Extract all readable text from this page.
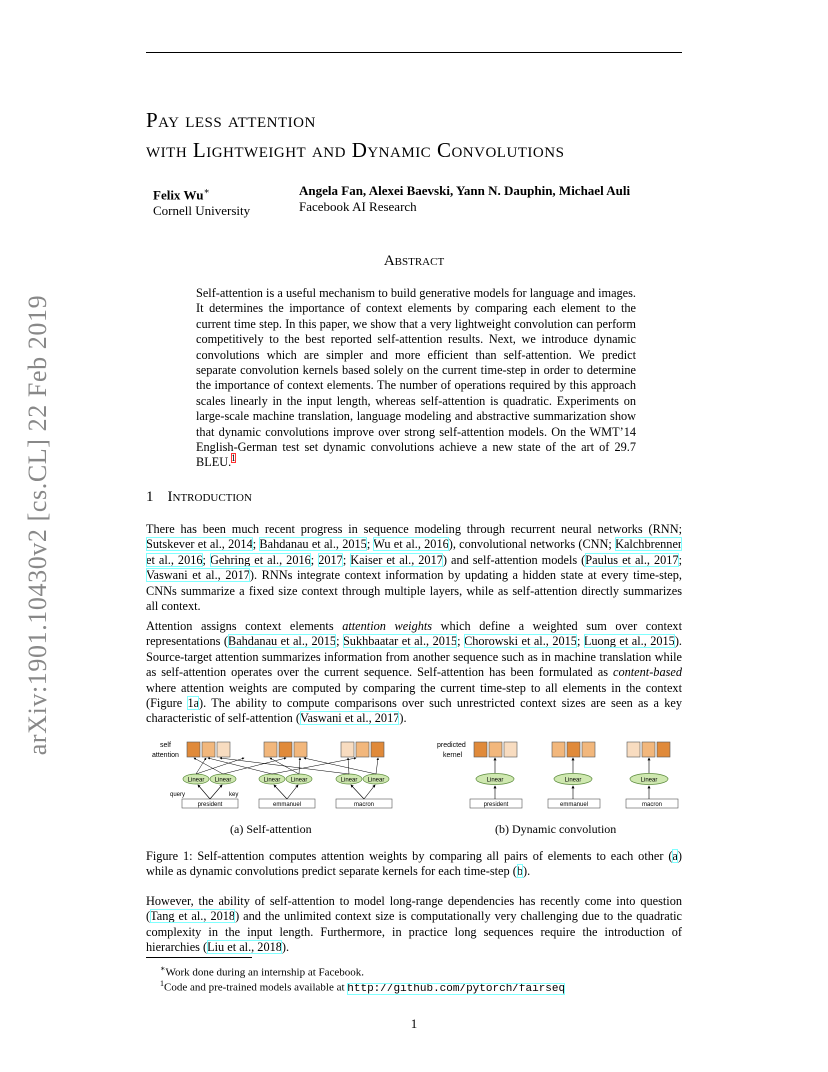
arXiv:1901.10430v2 [cs.CL] 22 Feb 2019
Pay less attention
with Lightweight and Dynamic Convolutions
Felix Wu∗
Cornell University
Angela Fan, Alexei Baevski, Yann N. Dauphin, Michael Auli
Facebook AI Research
Abstract
Self-attention is a useful mechanism to build generative models for language and images. It determines the importance of context elements by comparing each element to the current time step. In this paper, we show that a very lightweight convolution can perform competitively to the best reported self-attention results. Next, we introduce dynamic convolutions which are simpler and more efficient than self-attention. We predict separate convolution kernels based solely on the current time-step in order to determine the importance of context elements. The number of operations required by this approach scales linearly in the input length, whereas self-attention is quadratic. Experiments on large-scale machine translation, language modeling and abstractive summarization show that dynamic convolutions improve over strong self-attention models. On the WMT’14 English-German test set dynamic convolutions achieve a new state of the art of 29.7 BLEU.$^1$
1 Introduction
There has been much recent progress in sequence modeling through recurrent neural networks (RNN; Sutskever et al., 2014; Bahdanau et al., 2015; Wu et al., 2016), convolutional networks (CNN; Kalchbrenner et al., 2016; Gehring et al., 2016; 2017; Kaiser et al., 2017) and self-attention models (Paulus et al., 2017; Vaswani et al., 2017). RNNs integrate context information by updating a hidden state at every time-step, CNNs summarize a fixed size context through multiple layers, while as self-attention directly summarizes all context.
Attention assigns context elements attention weights which define a weighted sum over context representations (Bahdanau et al., 2015; Sukhbaatar et al., 2015; Chorowski et al., 2015; Luong et al., 2015). Source-target attention summarizes information from another sequence such as in machine translation while as self-attention operates over the current sequence. Self-attention has been formulated as content-based where attention weights are computed by comparing the current time-step to all elements in the context (Figure 1a). The ability to compute comparisons over such unrestricted context sizes are seen as a key characteristic of self-attention (Vaswani et al., 2017).
self
attention
Linear Linear
president
query	key
Linear Linear
emmanuel
Linear Linear
macron
predicted
kernel
Linear
president
Linear
emmanuel
Linear
macron
(a) Self-attention	(b) Dynamic convolution
Figure 1: Self-attention computes attention weights by comparing all pairs of elements to each other (a) while as dynamic convolutions predict separate kernels for each time-step (b).
However, the ability of self-attention to model long-range dependencies has recently come into question (Tang et al., 2018) and the unlimited context size is computationally very challenging due to the quadratic complexity in the input length. Furthermore, in practice long sequences require the introduction of hierarchies (Liu et al., 2018).
∗Work done during an internship at Facebook.
$^1$Code and pre-trained models available at http://github.com/pytorch/fairseq
1
